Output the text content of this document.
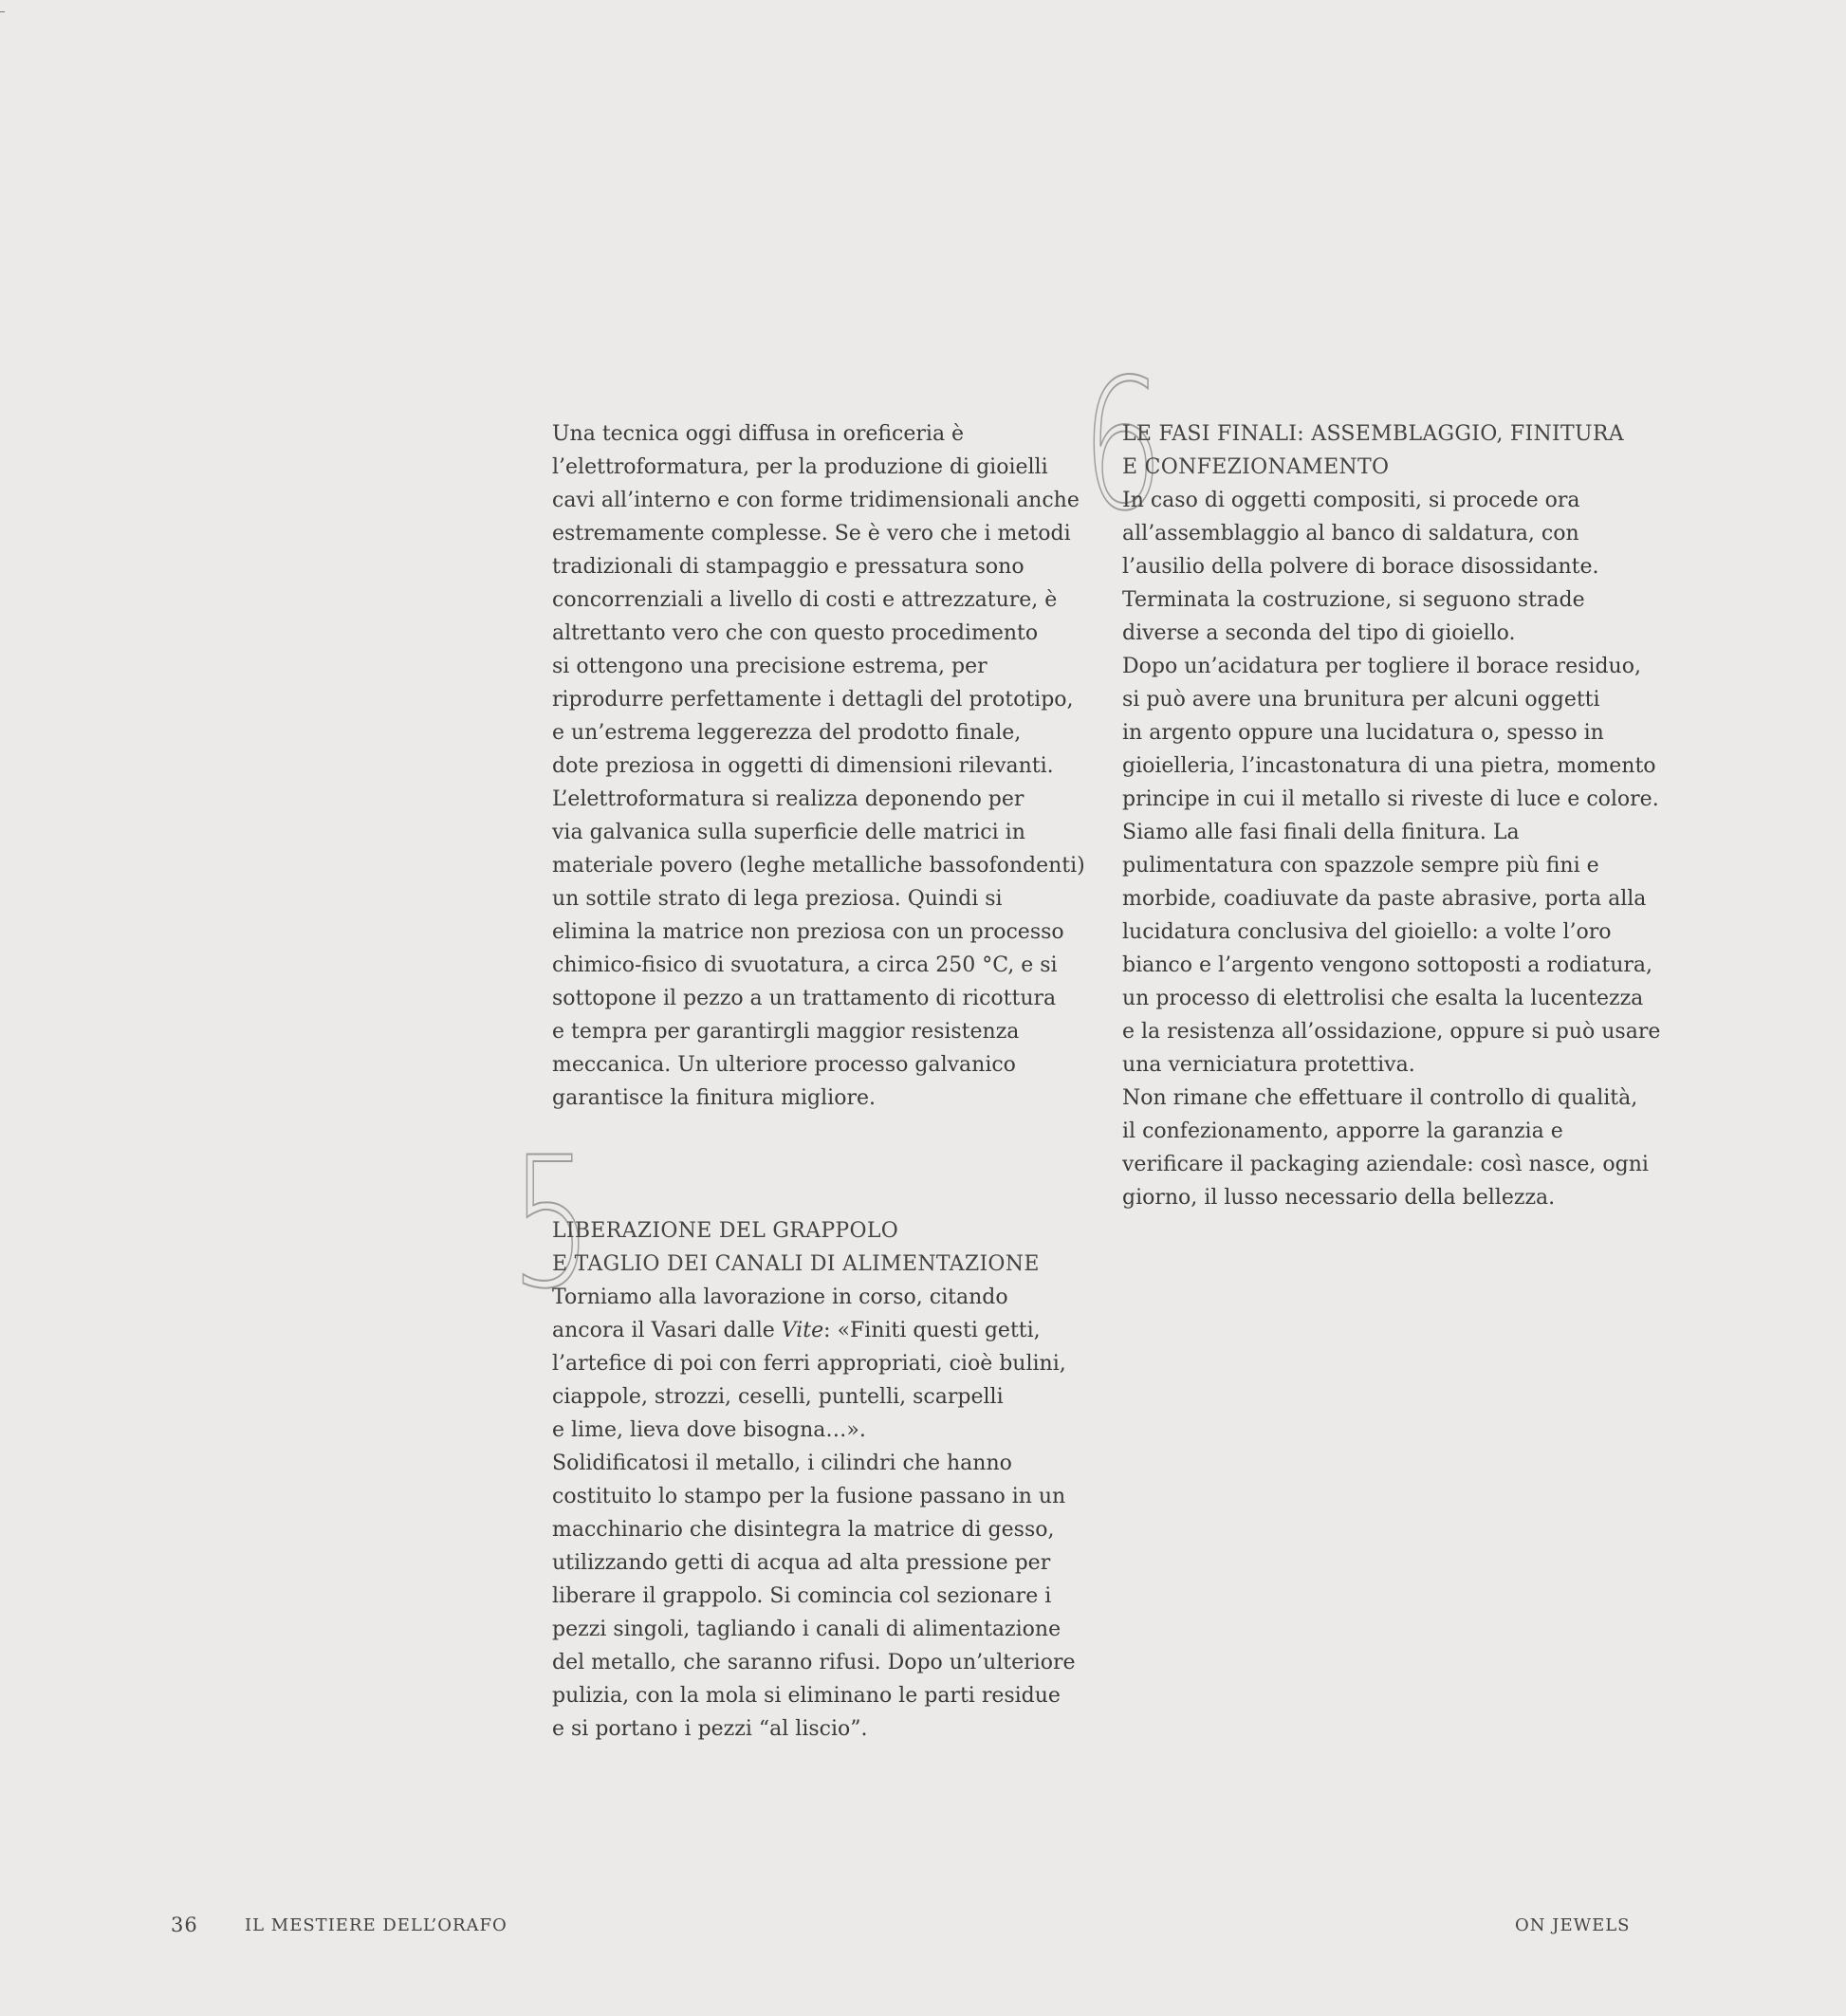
Una tecnica oggi diffusa in oreficeria è
l’elettroformatura, per la produzione di gioielli
cavi all’interno e con forme tridimensionali anche
estremamente complesse. Se è vero che i metodi
tradizionali di stampaggio e pressatura sono
concorrenziali a livello di costi e attrezzature, è
altrettanto vero che con questo procedimento
si ottengono una precisione estrema, per
riprodurre perfettamente i dettagli del prototipo,
e un’estrema leggerezza del prodotto finale,
dote preziosa in oggetti di dimensioni rilevanti.
L’elettroformatura si realizza deponendo per
via galvanica sulla superficie delle matrici in
materiale povero (leghe metalliche bassofondenti)
un sottile strato di lega preziosa. Quindi si
elimina la matrice non preziosa con un processo
chimico-fisico di svuotatura, a circa 250 °C, e si
sottopone il pezzo a un trattamento di ricottura
e tempra per garantirgli maggior resistenza
meccanica. Un ulteriore processo galvanico
garantisce la finitura migliore.
5
LIBERAZIONE DEL GRAPPOLO
E TAGLIO DEI CANALI DI ALIMENTAZIONE
Torniamo alla lavorazione in corso, citando
ancora il Vasari dalle Vite: «Finiti questi getti,
l’artefice di poi con ferri appropriati, cioè bulini,
ciappole, strozzi, ceselli, puntelli, scarpelli
e lime, lieva dove bisogna…».
Solidificatosi il metallo, i cilindri che hanno
costituito lo stampo per la fusione passano in un
macchinario che disintegra la matrice di gesso,
utilizzando getti di acqua ad alta pressione per
liberare il grappolo. Si comincia col sezionare i
pezzi singoli, tagliando i canali di alimentazione
del metallo, che saranno rifusi. Dopo un’ulteriore
pulizia, con la mola si eliminano le parti residue
e si portano i pezzi “al liscio”.
6
LE FASI FINALI: ASSEMBLAGGIO, FINITURA
E CONFEZIONAMENTO
In caso di oggetti compositi, si procede ora
all’assemblaggio al banco di saldatura, con
l’ausilio della polvere di borace disossidante.
Terminata la costruzione, si seguono strade
diverse a seconda del tipo di gioiello.
Dopo un’acidatura per togliere il borace residuo,
si può avere una brunitura per alcuni oggetti
in argento oppure una lucidatura o, spesso in
gioielleria, l’incastonatura di una pietra, momento
principe in cui il metallo si riveste di luce e colore.
Siamo alle fasi finali della finitura. La
pulimentatura con spazzole sempre più fini e
morbide, coadiuvate da paste abrasive, porta alla
lucidatura conclusiva del gioiello: a volte l’oro
bianco e l’argento vengono sottoposti a rodiatura,
un processo di elettrolisi che esalta la lucentezza
e la resistenza all’ossidazione, oppure si può usare
una verniciatura protettiva.
Non rimane che effettuare il controllo di qualità,
il confezionamento, apporre la garanzia e
verificare il packaging aziendale: così nasce, ogni
giorno, il lusso necessario della bellezza.
36	IL MESTIERE DELL’ORAFO	ON JEWELS
